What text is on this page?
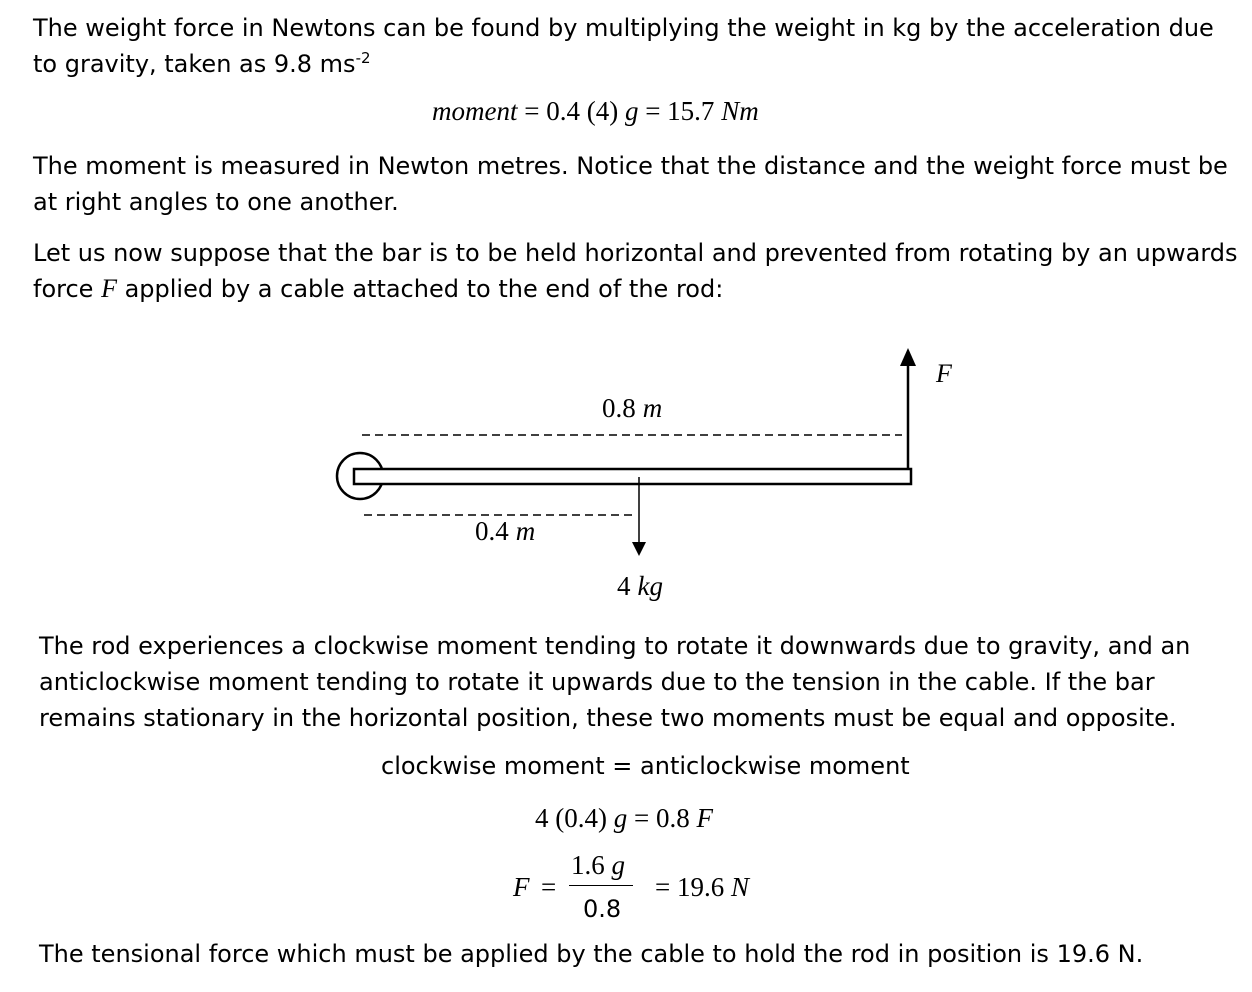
The weight force in Newtons can be found by multiplying the weight in kg by the acceleration due to gravity, taken as 9.8 $ms^{-2}$

moment = 0.4 (4) g = 15.7 Nm

The moment is measured in Newton metres. Notice that the distance and the weight force must be at right angles to one another.

Let us now suppose that the bar is to be held horizontal and prevented from rotating by an upwards force F applied by a cable attached to the end of the rod:

F
0.8 m
0.4 m
4 kg

The rod experiences a clockwise moment tending to rotate it downwards due to gravity, and an anticlockwise moment tending to rotate it upwards due to the tension in the cable. If the bar remains stationary in the horizontal position, these two moments must be equal and opposite.

clockwise moment = anticlockwise moment
4 (0.4) g = 0.8 F
F =
1.6 g
0.8
= 19.6 N

The tensional force which must be applied by the cable to hold the rod in position is 19.6 N.
